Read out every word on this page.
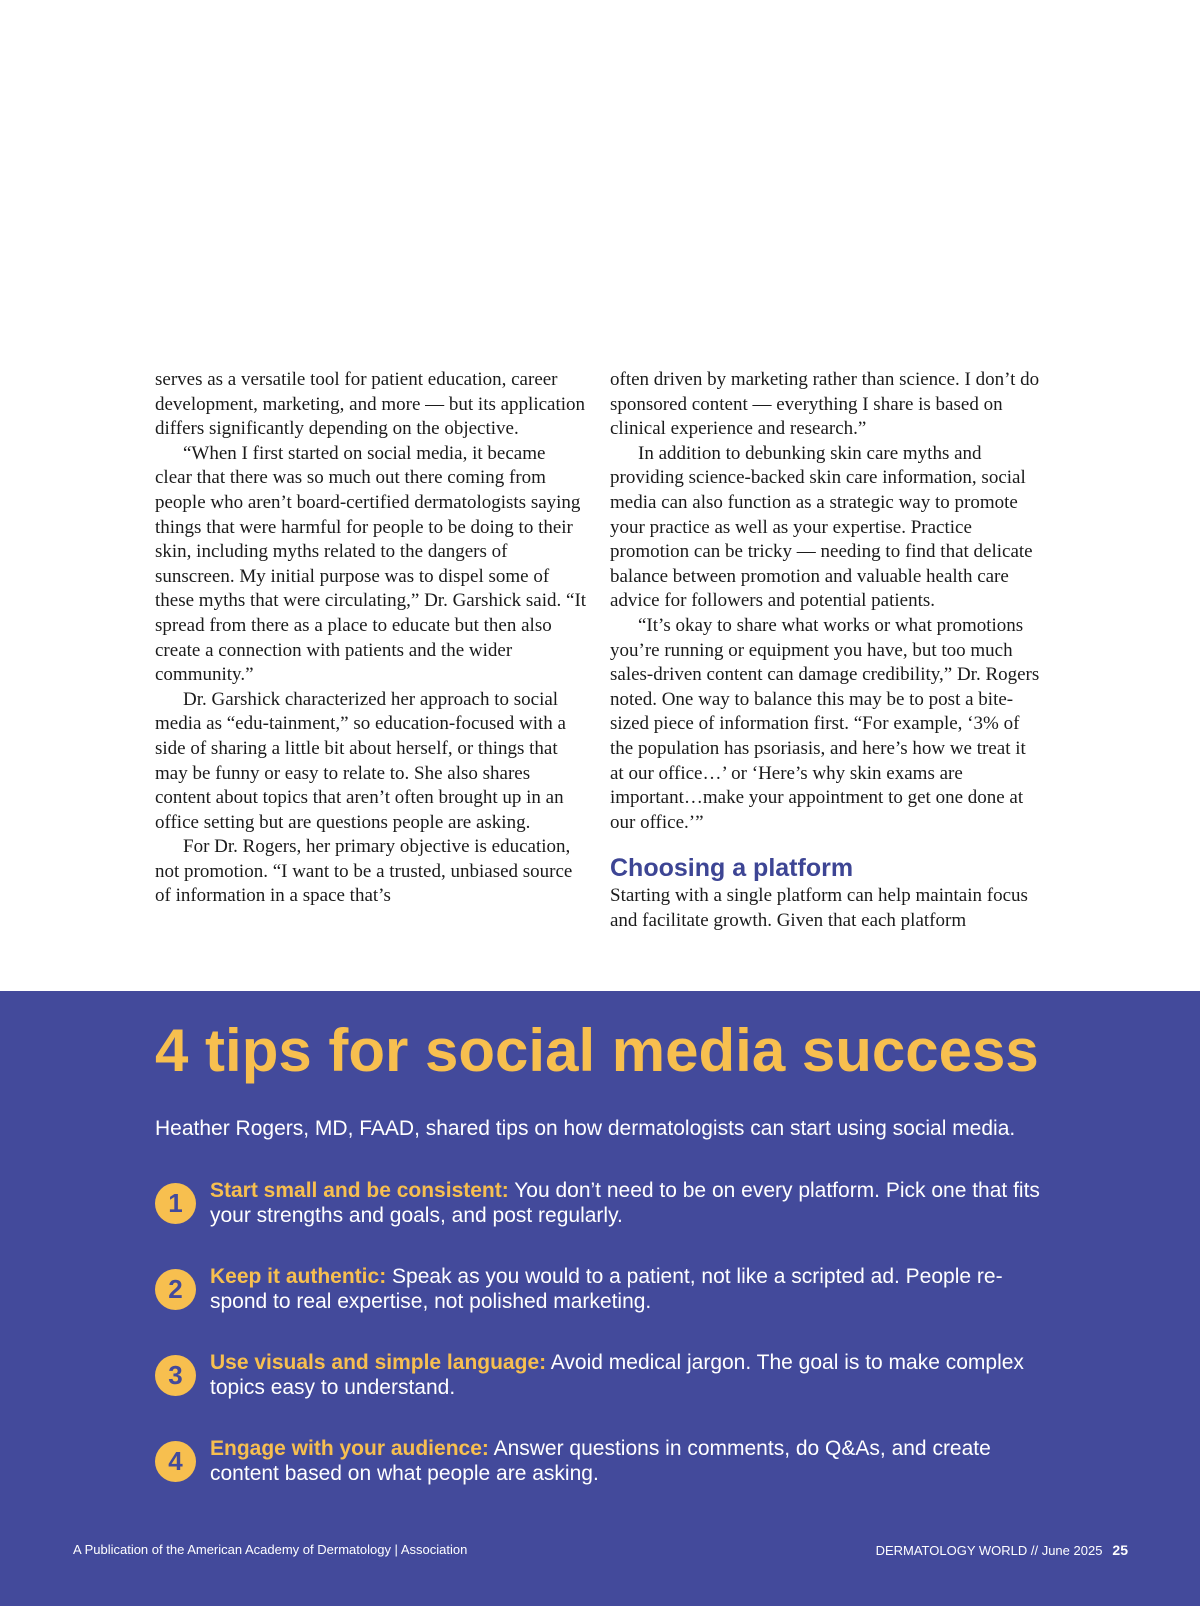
serves as a versatile tool for patient education, career development, marketing, and more — but its application differs significantly depending on the objective.

“When I first started on social media, it became clear that there was so much out there coming from people who aren’t board-certified dermatologists saying things that were harmful for people to be doing to their skin, including myths related to the dangers of sunscreen. My initial purpose was to dispel some of these myths that were circulating,” Dr. Garshick said. “It spread from there as a place to educate but then also create a connection with patients and the wider community.”

Dr. Garshick characterized her approach to social media as “edu-tainment,” so education-focused with a side of sharing a little bit about herself, or things that may be funny or easy to relate to. She also shares content about topics that aren’t often brought up in an office setting but are questions people are asking.

For Dr. Rogers, her primary objective is education, not promotion. “I want to be a trusted, unbiased source of information in a space that’s

often driven by marketing rather than science. I don’t do sponsored content — everything I share is based on clinical experience and research.”

In addition to debunking skin care myths and providing science-backed skin care information, social media can also function as a strategic way to promote your practice as well as your expertise. Practice promotion can be tricky — needing to find that delicate balance between promotion and valuable health care advice for followers and potential patients.

“It’s okay to share what works or what promotions you’re running or equipment you have, but too much sales-driven content can damage credibility,” Dr. Rogers noted. One way to balance this may be to post a bite-sized piece of information first. “For example, ‘3% of the population has psoriasis, and here’s how we treat it at our office…’ or ‘Here’s why skin exams are important…make your appointment to get one done at our office.’”

Choosing a platform

Starting with a single platform can help maintain focus and facilitate growth. Given that each platform

4 tips for social media success
Heather Rogers, MD, FAAD, shared tips on how dermatologists can start using social media.
1	Start small and be consistent: You don’t need to be on every platform. Pick one that fits your strengths and goals, and post regularly.
2	Keep it authentic: Speak as you would to a patient, not like a scripted ad. People re-spond to real expertise, not polished marketing.
3	Use visuals and simple language: Avoid medical jargon. The goal is to make complex topics easy to understand.
4	Engage with your audience: Answer questions in comments, do Q&As, and create content based on what people are asking.
A Publication of the American Academy of Dermatology | Association	DERMATOLOGY WORLD // June 2025 25
